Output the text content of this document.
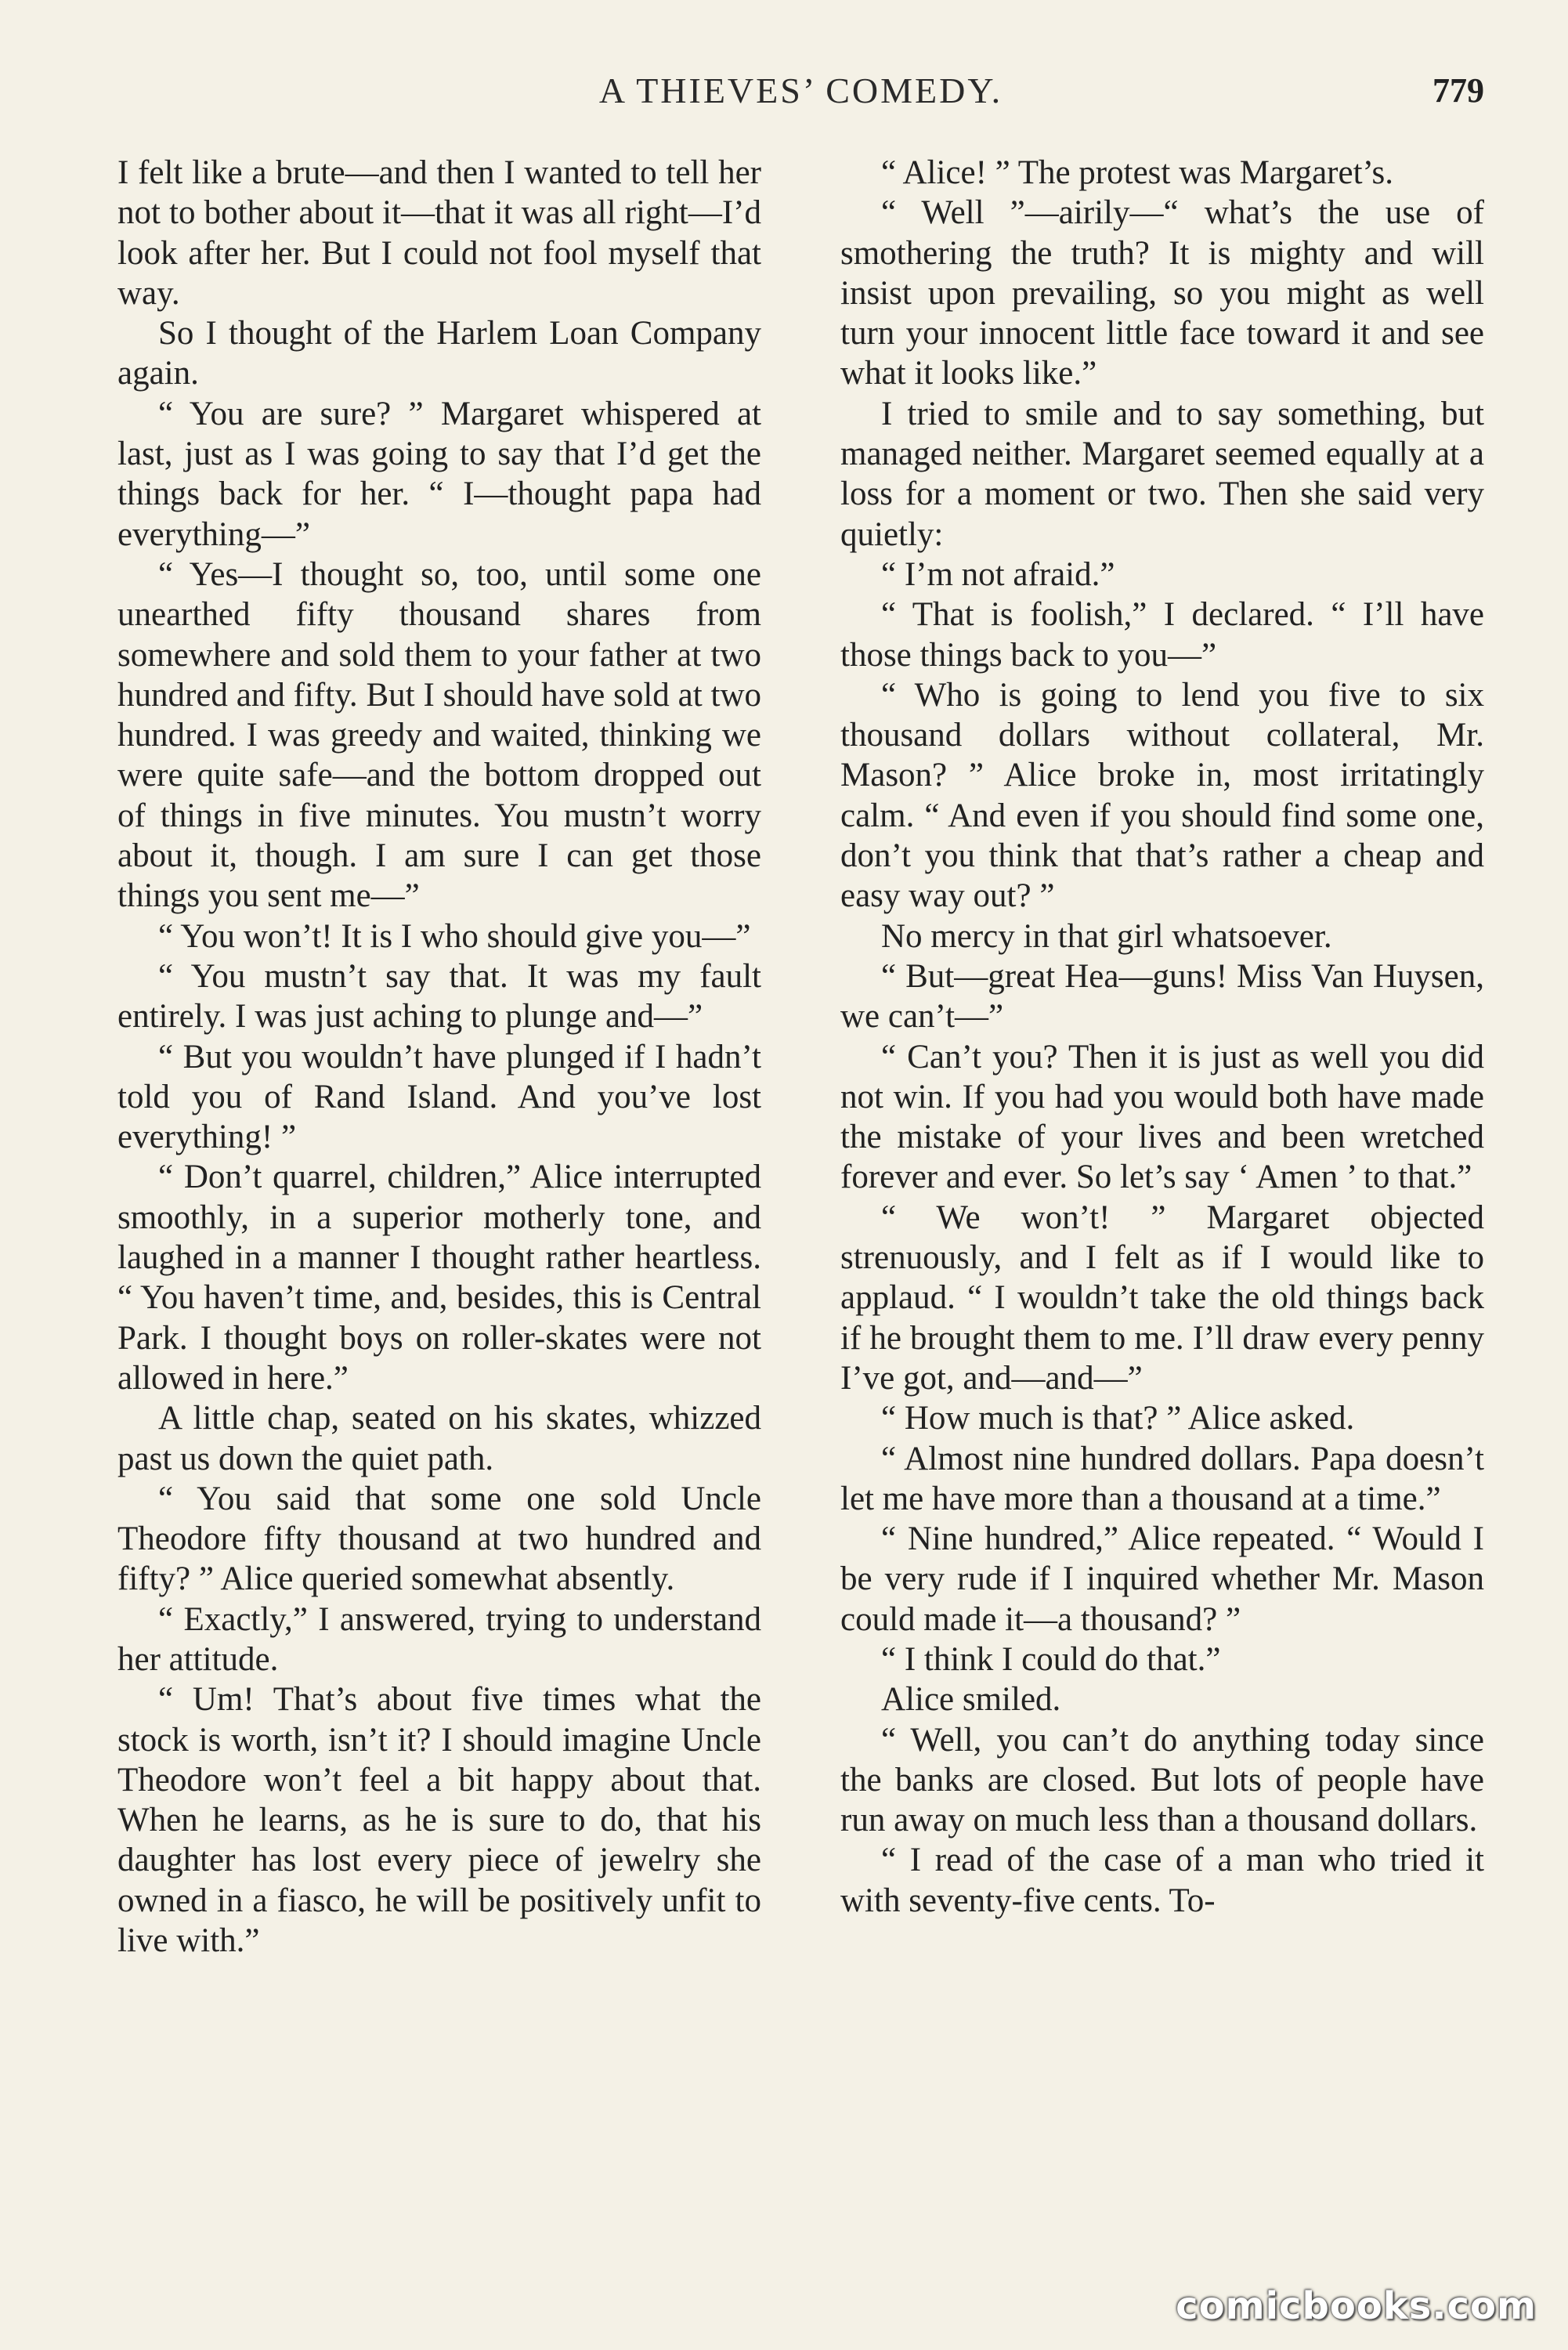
A THIEVES’ COMEDY.	779

I felt like a brute—and then I wanted to tell her not to bother about it—that it was all right—I’d look after her. But I could not fool myself that way.

So I thought of the Harlem Loan Company again.

“ You are sure? ” Margaret whispered at last, just as I was going to say that I’d get the things back for her. “ I—thought papa had everything—”

“ Yes—I thought so, too, until some one unearthed fifty thousand shares from somewhere and sold them to your father at two hundred and fifty. But I should have sold at two hundred. I was greedy and waited, thinking we were quite safe—and the bottom dropped out of things in five minutes. You mustn’t worry about it, though. I am sure I can get those things you sent me—”

“ You won’t! It is I who should give you—”

“ You mustn’t say that. It was my fault entirely. I was just aching to plunge and—”

“ But you wouldn’t have plunged if I hadn’t told you of Rand Island. And you’ve lost everything! ”

“ Don’t quarrel, children,” Alice interrupted smoothly, in a superior motherly tone, and laughed in a manner I thought rather heartless. “ You haven’t time, and, besides, this is Central Park. I thought boys on roller-skates were not allowed in here.”

A little chap, seated on his skates, whizzed past us down the quiet path.

“ You said that some one sold Uncle Theodore fifty thousand at two hundred and fifty? ” Alice queried somewhat absently.

“ Exactly,” I answered, trying to understand her attitude.

“ Um! That’s about five times what the stock is worth, isn’t it? I should imagine Uncle Theodore won’t feel a bit happy about that. When he learns, as he is sure to do, that his daughter has lost every piece of jewelry she owned in a fiasco, he will be positively unfit to live with.”

“ Alice! ” The protest was Margaret’s.

“ Well ”—airily—“ what’s the use of smothering the truth? It is mighty and will insist upon prevailing, so you might as well turn your innocent little face toward it and see what it looks like.”

I tried to smile and to say something, but managed neither. Margaret seemed equally at a loss for a moment or two. Then she said very quietly:

“ I’m not afraid.”

“ That is foolish,” I declared. “ I’ll have those things back to you—”

“ Who is going to lend you five to six thousand dollars without collateral, Mr. Mason? ” Alice broke in, most irritatingly calm. “ And even if you should find some one, don’t you think that that’s rather a cheap and easy way out? ”

No mercy in that girl whatsoever.

“ But—great Hea—guns! Miss Van Huysen, we can’t—”

“ Can’t you? Then it is just as well you did not win. If you had you would both have made the mistake of your lives and been wretched forever and ever. So let’s say ‘ Amen ’ to that.”

“ We won’t! ” Margaret objected strenuously, and I felt as if I would like to applaud. “ I wouldn’t take the old things back if he brought them to me. I’ll draw every penny I’ve got, and—and—”

“ How much is that? ” Alice asked.

“ Almost nine hundred dollars. Papa doesn’t let me have more than a thousand at a time.”

“ Nine hundred,” Alice repeated. “ Would I be very rude if I inquired whether Mr. Mason could made it—a thousand? ”

“ I think I could do that.”

Alice smiled.

“ Well, you can’t do anything today since the banks are closed. But lots of people have run away on much less than a thousand dollars.

“ I read of the case of a man who tried it with seventy-five cents. To-

comicbooks.com
